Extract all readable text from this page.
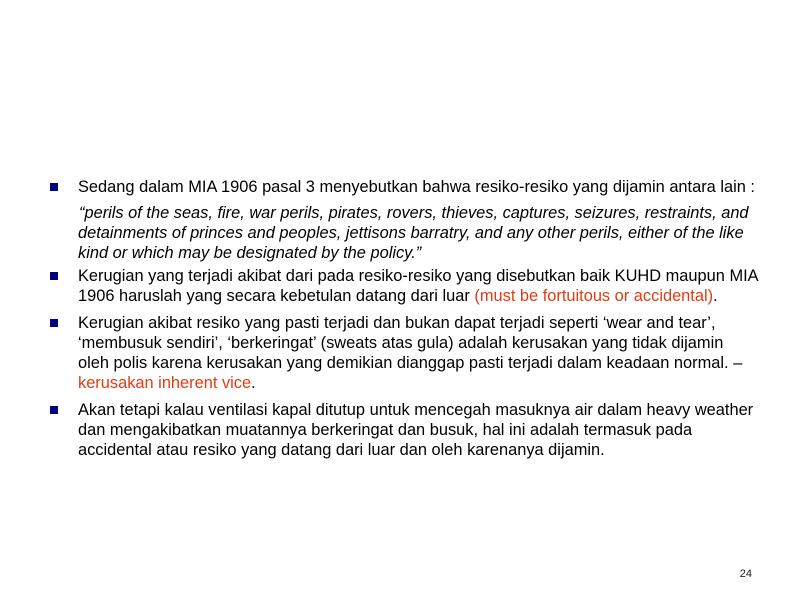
Sedang dalam MIA 1906 pasal 3 menyebutkan bahwa resiko-resiko yang dijamin antara lain :
“perils of the seas, fire, war perils, pirates, rovers, thieves, captures, seizures, restraints, and detainments of princes and peoples, jettisons barratry, and any other perils, either of the like kind or which may be designated by the policy.”
Kerugian yang terjadi akibat dari pada resiko-resiko yang disebutkan baik KUHD maupun MIA 1906 haruslah yang secara kebetulan datang dari luar (must be fortuitous or accidental).
Kerugian akibat resiko yang pasti terjadi dan bukan dapat terjadi seperti ‘wear and tear’, ‘membusuk sendiri’, ‘berkeringat’ (sweats atas gula) adalah kerusakan yang tidak dijamin oleh polis karena kerusakan yang demikian dianggap pasti terjadi dalam keadaan normal. – kerusakan inherent vice.
Akan tetapi kalau ventilasi kapal ditutup untuk mencegah masuknya air dalam heavy weather dan mengakibatkan muatannya berkeringat dan busuk, hal ini adalah termasuk pada accidental atau resiko yang datang dari luar dan oleh karenanya dijamin.
24
